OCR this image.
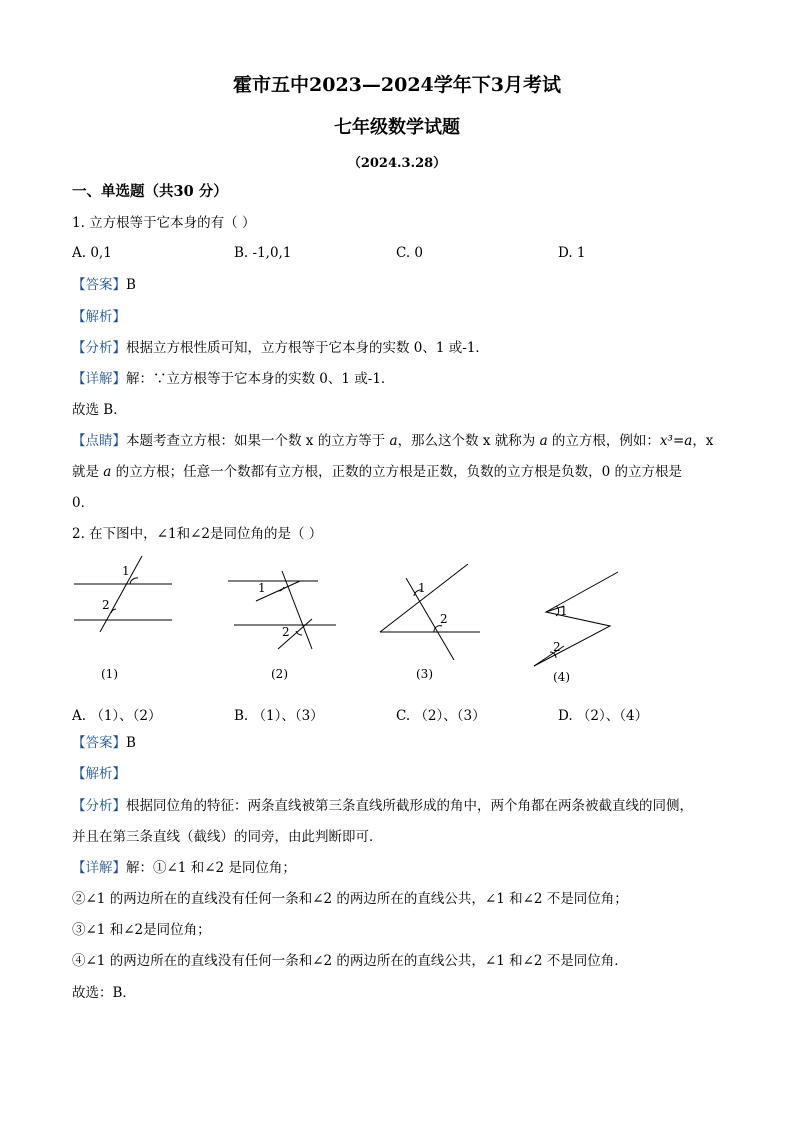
霍市五中2023—2024学年下3月考试
七年级数学试题
（2024.3.28）
一、单选题（共30 分）
1. 立方根等于它本身的有（ ）
A. 0,1	B. -1,0,1	C. 0	D. 1
【答案】B
【解析】
【分析】根据立方根性质可知，立方根等于它本身的实数 0、1 或-1．
【详解】解：∵立方根等于它本身的实数 0、1 或-1．
故选 B．
【点睛】本题考查立方根：如果一个数 x 的立方等于 a，那么这个数 x 就称为 a 的立方根，例如：x³=a，x
就是 a 的立方根；任意一个数都有立方根，正数的立方根是正数，负数的立方根是负数，0 的立方根是
0．
2. 在下图中，∠1和∠2是同位角的是（ ）
1
2
(1)
1
2
(2)
1
2
(3)
1
2
(4)
A. （1）、（2）	B. （1）、（3）	C. （2）、（3）	D. （2）、（4）
【答案】B
【解析】
【分析】根据同位角的特征：两条直线被第三条直线所截形成的角中，两个角都在两条被截直线的同侧，
并且在第三条直线（截线）的同旁，由此判断即可．
【详解】解：①∠1 和∠2 是同位角；
②∠1 的两边所在的直线没有任何一条和∠2 的两边所在的直线公共，∠1 和∠2 不是同位角；
③∠1 和∠2是同位角；
④∠1 的两边所在的直线没有任何一条和∠2 的两边所在的直线公共，∠1 和∠2 不是同位角．
故选：B．
